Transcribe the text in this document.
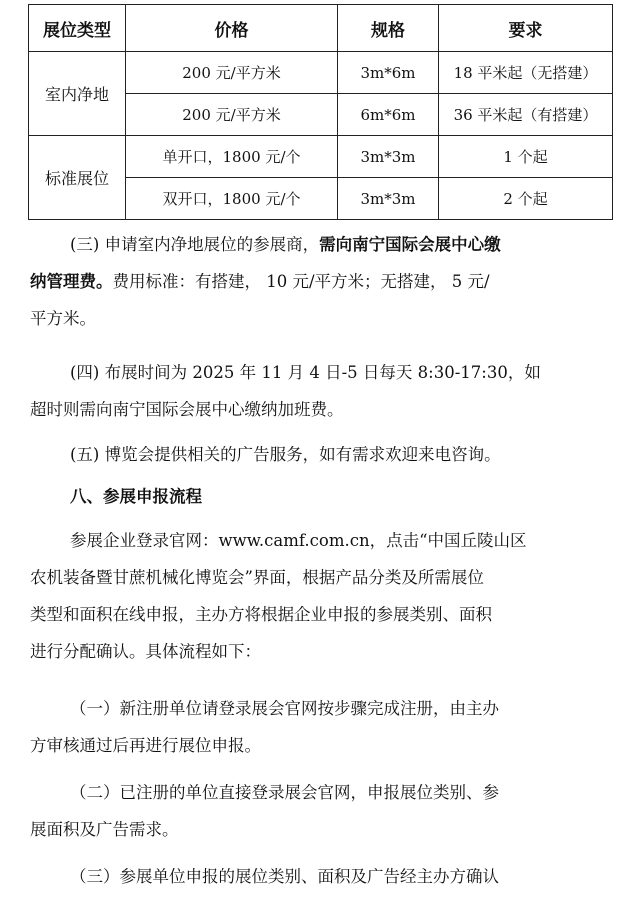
展位类型	价格	规格	要求
室内净地	200 元/平方米	3m*6m	18 平米起（无搭建）
	200 元/平方米	6m*6m	36 平米起（有搭建）
标准展位	单开口，1800 元/个	3m*3m	1 个起
	双开口，1800 元/个	3m*3m	2 个起
(三) 申请室内净地展位的参展商，需向南宁国际会展中心缴
纳管理费。费用标准：有搭建， 10 元/平方米；无搭建， 5 元/
平方米。
(四) 布展时间为 2025 年 11 月 4 日-5 日每天 8:30-17:30，如
超时则需向南宁国际会展中心缴纳加班费。
(五) 博览会提供相关的广告服务，如有需求欢迎来电咨询。
八、参展申报流程
参展企业登录官网：www.camf.com.cn，点击“中国丘陵山区
农机装备暨甘蔗机械化博览会”界面，根据产品分类及所需展位
类型和面积在线申报，主办方将根据企业申报的参展类别、面积
进行分配确认。具体流程如下：
（一）新注册单位请登录展会官网按步骤完成注册，由主办
方审核通过后再进行展位申报。
（二）已注册的单位直接登录展会官网，申报展位类别、参
展面积及广告需求。
（三）参展单位申报的展位类别、面积及广告经主办方确认
